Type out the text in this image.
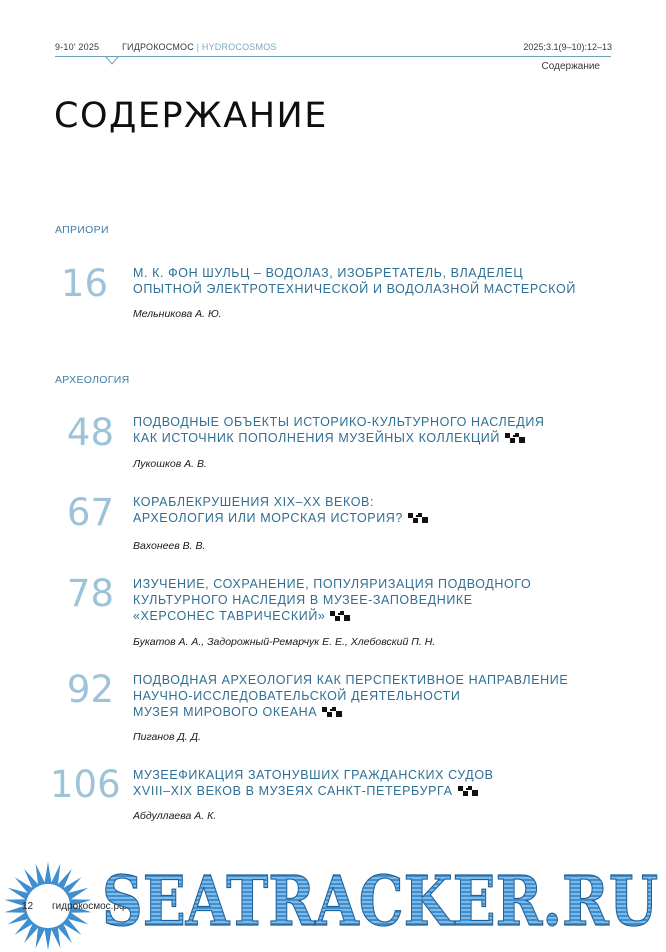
9-10' 2025	ГИДРОКОСМОС | HYDROCOSMOS	2025;3.1(9–10):12–13
Содержание
СОДЕРЖАНИЕ
АПРИОРИ
16 М. К. ФОН ШУЛЬЦ – ВОДОЛАЗ, ИЗОБРЕТАТЕЛЬ, ВЛАДЕЛЕЦ
ОПЫТНОЙ ЭЛЕКТРОТЕХНИЧЕСКОЙ И ВОДОЛАЗНОЙ МАСТЕРСКОЙ
Мельникова А. Ю.
АРХЕОЛОГИЯ
48 ПОДВОДНЫЕ ОБЪЕКТЫ ИСТОРИКО-КУЛЬТУРНОГО НАСЛЕДИЯ
КАК ИСТОЧНИК ПОПОЛНЕНИЯ МУЗЕЙНЫХ КОЛЛЕКЦИЙ
Лукошков А. В.
67 КОРАБЛЕКРУШЕНИЯ XIX–XX ВЕКОВ:
АРХЕОЛОГИЯ ИЛИ МОРСКАЯ ИСТОРИЯ?
Вахонеев В. В.
78 ИЗУЧЕНИЕ, СОХРАНЕНИЕ, ПОПУЛЯРИЗАЦИЯ ПОДВОДНОГО
КУЛЬТУРНОГО НАСЛЕДИЯ В МУЗЕЕ-ЗАПОВЕДНИКЕ
«ХЕРСОНЕС ТАВРИЧЕСКИЙ»
Букатов А. А., Задорожный-Ремарчук Е. Е., Хлебовский П. Н.
92 ПОДВОДНАЯ АРХЕОЛОГИЯ КАК ПЕРСПЕКТИВНОЕ НАПРАВЛЕНИЕ
НАУЧНО-ИССЛЕДОВАТЕЛЬСКОЙ ДЕЯТЕЛЬНОСТИ
МУЗЕЯ МИРОВОГО ОКЕАНА
Пиганов Д. Д.
106 МУЗЕЕФИКАЦИЯ ЗАТОНУВШИХ ГРАЖДАНСКИХ СУДОВ
XVIII–XIX ВЕКОВ В МУЗЕЯХ САНКТ-ПЕТЕРБУРГА
Абдуллаева А. К.
12 гидрокосмос.рф
SEATRACKER.RU
